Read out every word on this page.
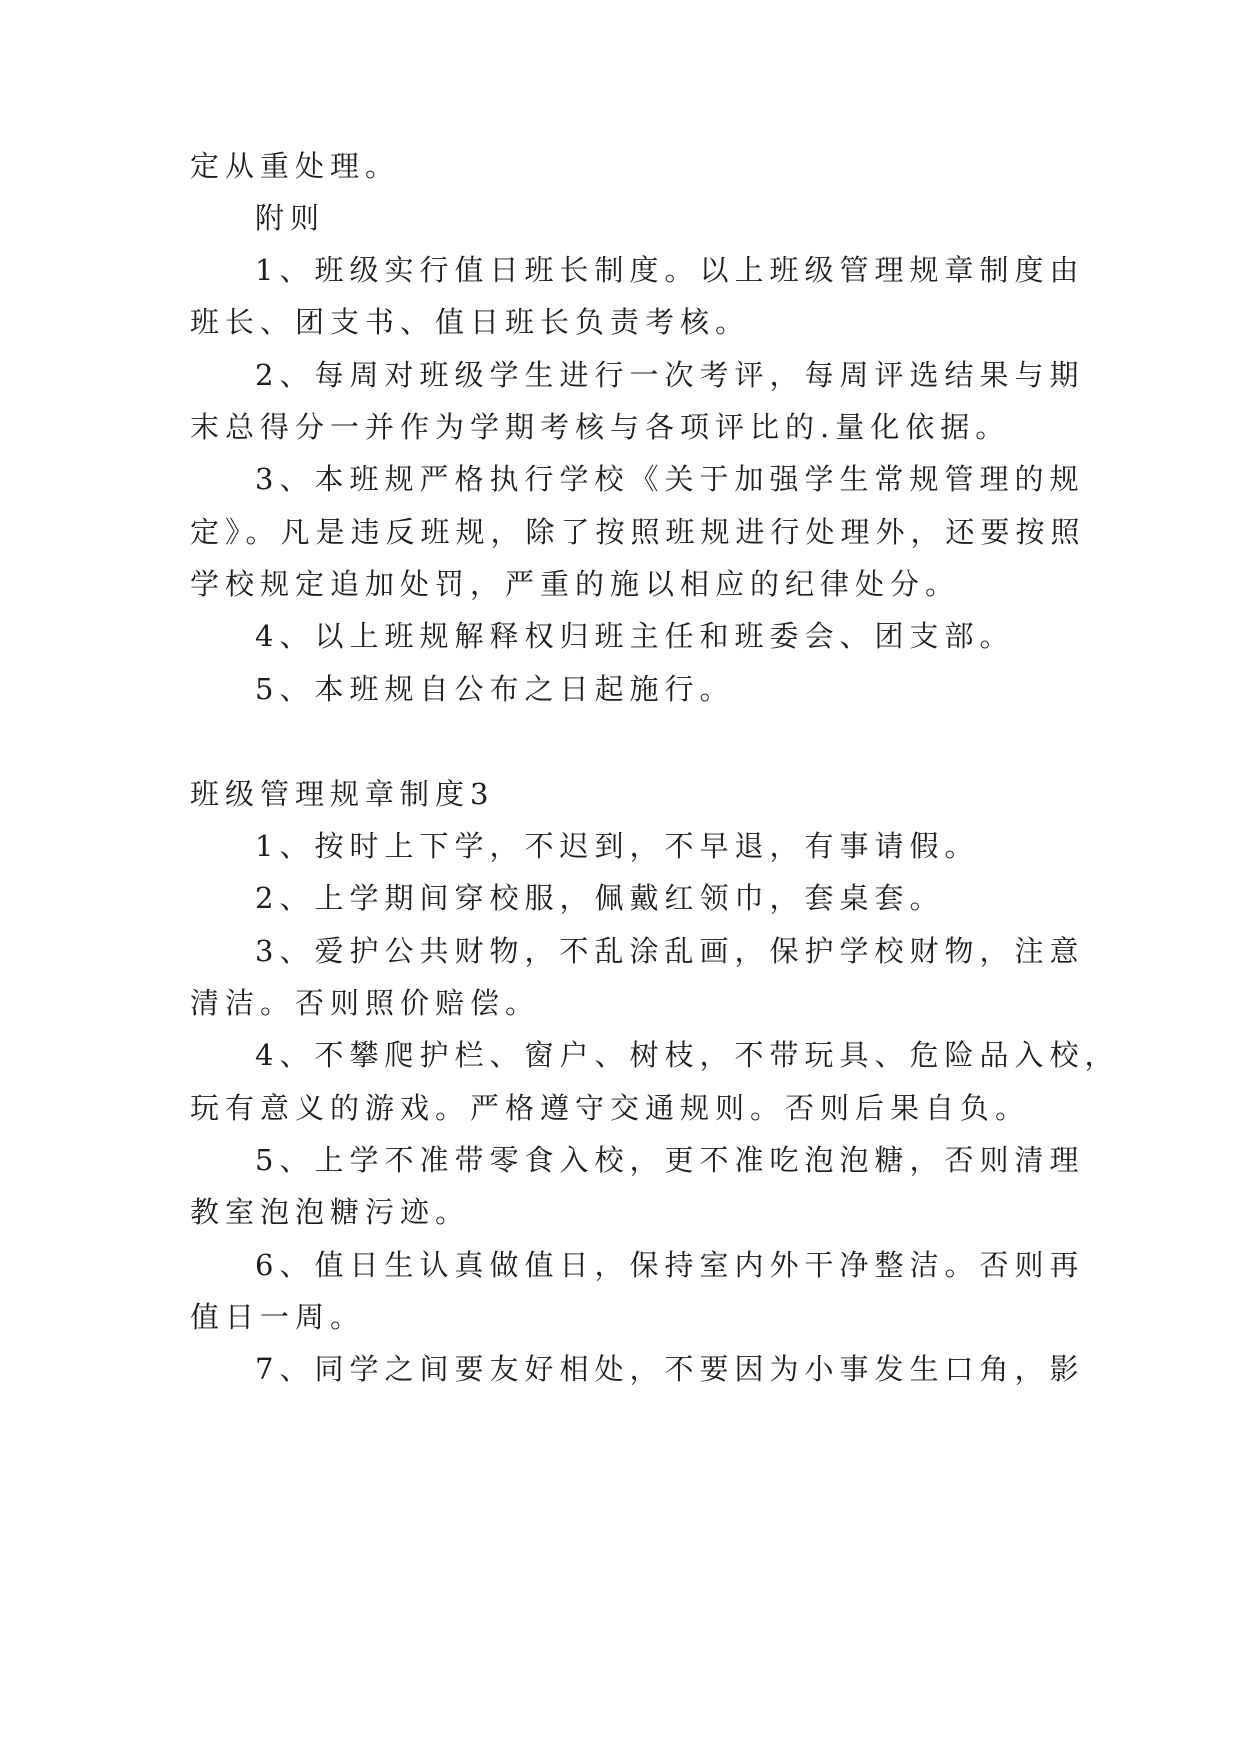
定从重处理。
附则
1、班级实行值日班长制度。以上班级管理规章制度由
班长、团支书、值日班长负责考核。
2、每周对班级学生进行一次考评，每周评选结果与期
末总得分一并作为学期考核与各项评比的.量化依据。
3、本班规严格执行学校《关于加强学生常规管理的规
定》。凡是违反班规，除了按照班规进行处理外，还要按照
学校规定追加处罚，严重的施以相应的纪律处分。
4、以上班规解释权归班主任和班委会、团支部。
5、本班规自公布之日起施行。
班级管理规章制度3
1、按时上下学，不迟到，不早退，有事请假。
2、上学期间穿校服，佩戴红领巾，套桌套。
3、爱护公共财物，不乱涂乱画，保护学校财物，注意
清洁。否则照价赔偿。
4、不攀爬护栏、窗户、树枝，不带玩具、危险品入校，
玩有意义的游戏。严格遵守交通规则。否则后果自负。
5、上学不准带零食入校，更不准吃泡泡糖，否则清理
教室泡泡糖污迹。
6、值日生认真做值日，保持室内外干净整洁。否则再
值日一周。
7、同学之间要友好相处，不要因为小事发生口角，影
